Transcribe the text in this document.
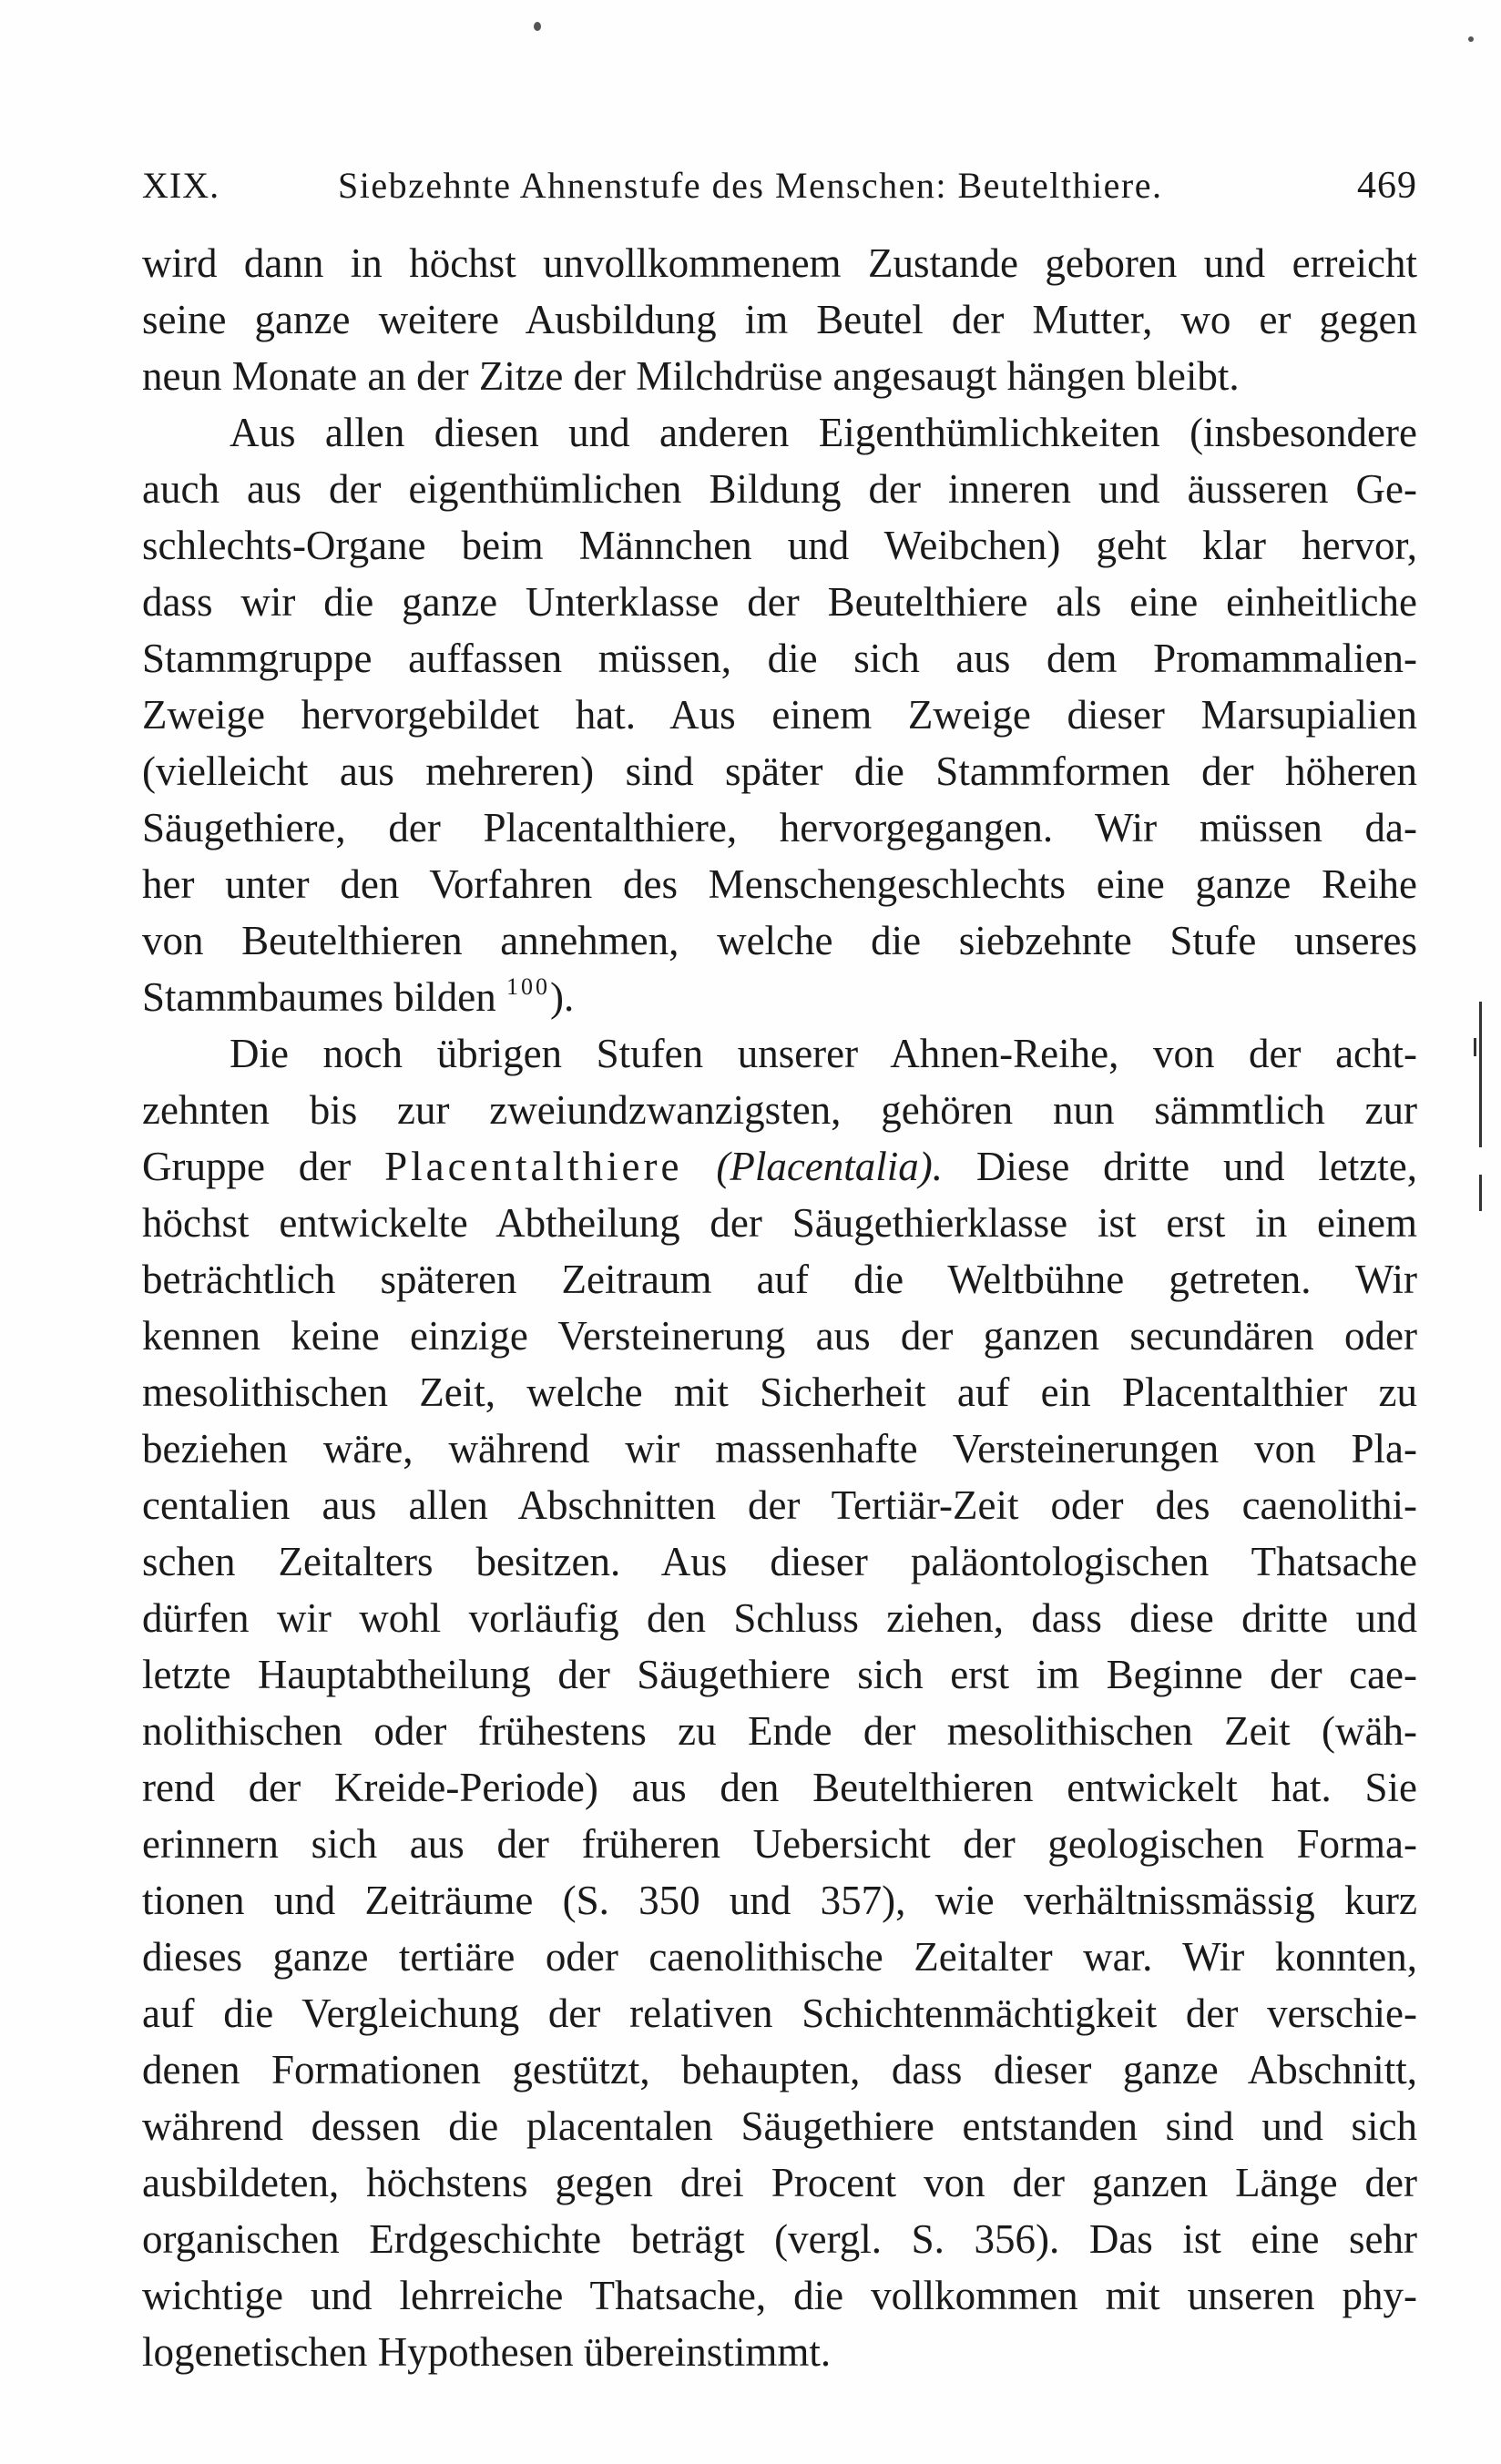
XIX.	Siebzehnte Ahnenstufe des Menschen: Beutelthiere.	469
wird dann in höchst unvollkommenem Zustande geboren und erreicht
seine ganze weitere Ausbildung im Beutel der Mutter, wo er gegen
neun Monate an der Zitze der Milchdrüse angesaugt hängen bleibt.
Aus allen diesen und anderen Eigenthümlichkeiten (insbesondere
auch aus der eigenthümlichen Bildung der inneren und äusseren Ge-
schlechts-Organe beim Männchen und Weibchen) geht klar hervor,
dass wir die ganze Unterklasse der Beutelthiere als eine einheitliche
Stammgruppe auffassen müssen, die sich aus dem Promammalien-
Zweige hervorgebildet hat. Aus einem Zweige dieser Marsupialien
(vielleicht aus mehreren) sind später die Stammformen der höheren
Säugethiere, der Placentalthiere, hervorgegangen. Wir müssen da-
her unter den Vorfahren des Menschengeschlechts eine ganze Reihe
von Beutelthieren annehmen, welche die siebzehnte Stufe unseres
Stammbaumes bilden $^{100}$).
Die noch übrigen Stufen unserer Ahnen-Reihe, von der acht-
zehnten bis zur zweiundzwanzigsten, gehören nun sämmtlich zur
Gruppe der Placentalthiere (Placentalia). Diese dritte und letzte,
höchst entwickelte Abtheilung der Säugethierklasse ist erst in einem
beträchtlich späteren Zeitraum auf die Weltbühne getreten. Wir
kennen keine einzige Versteinerung aus der ganzen secundären oder
mesolithischen Zeit, welche mit Sicherheit auf ein Placentalthier zu
beziehen wäre, während wir massenhafte Versteinerungen von Pla-
centalien aus allen Abschnitten der Tertiär-Zeit oder des caenolithi-
schen Zeitalters besitzen. Aus dieser paläontologischen Thatsache
dürfen wir wohl vorläufig den Schluss ziehen, dass diese dritte und
letzte Hauptabtheilung der Säugethiere sich erst im Beginne der cae-
nolithischen oder frühestens zu Ende der mesolithischen Zeit (wäh-
rend der Kreide-Periode) aus den Beutelthieren entwickelt hat. Sie
erinnern sich aus der früheren Uebersicht der geologischen Forma-
tionen und Zeiträume (S. 350 und 357), wie verhältnissmässig kurz
dieses ganze tertiäre oder caenolithische Zeitalter war. Wir konnten,
auf die Vergleichung der relativen Schichtenmächtigkeit der verschie-
denen Formationen gestützt, behaupten, dass dieser ganze Abschnitt,
während dessen die placentalen Säugethiere entstanden sind und sich
ausbildeten, höchstens gegen drei Procent von der ganzen Länge der
organischen Erdgeschichte beträgt (vergl. S. 356). Das ist eine sehr
wichtige und lehrreiche Thatsache, die vollkommen mit unseren phy-
logenetischen Hypothesen übereinstimmt.
